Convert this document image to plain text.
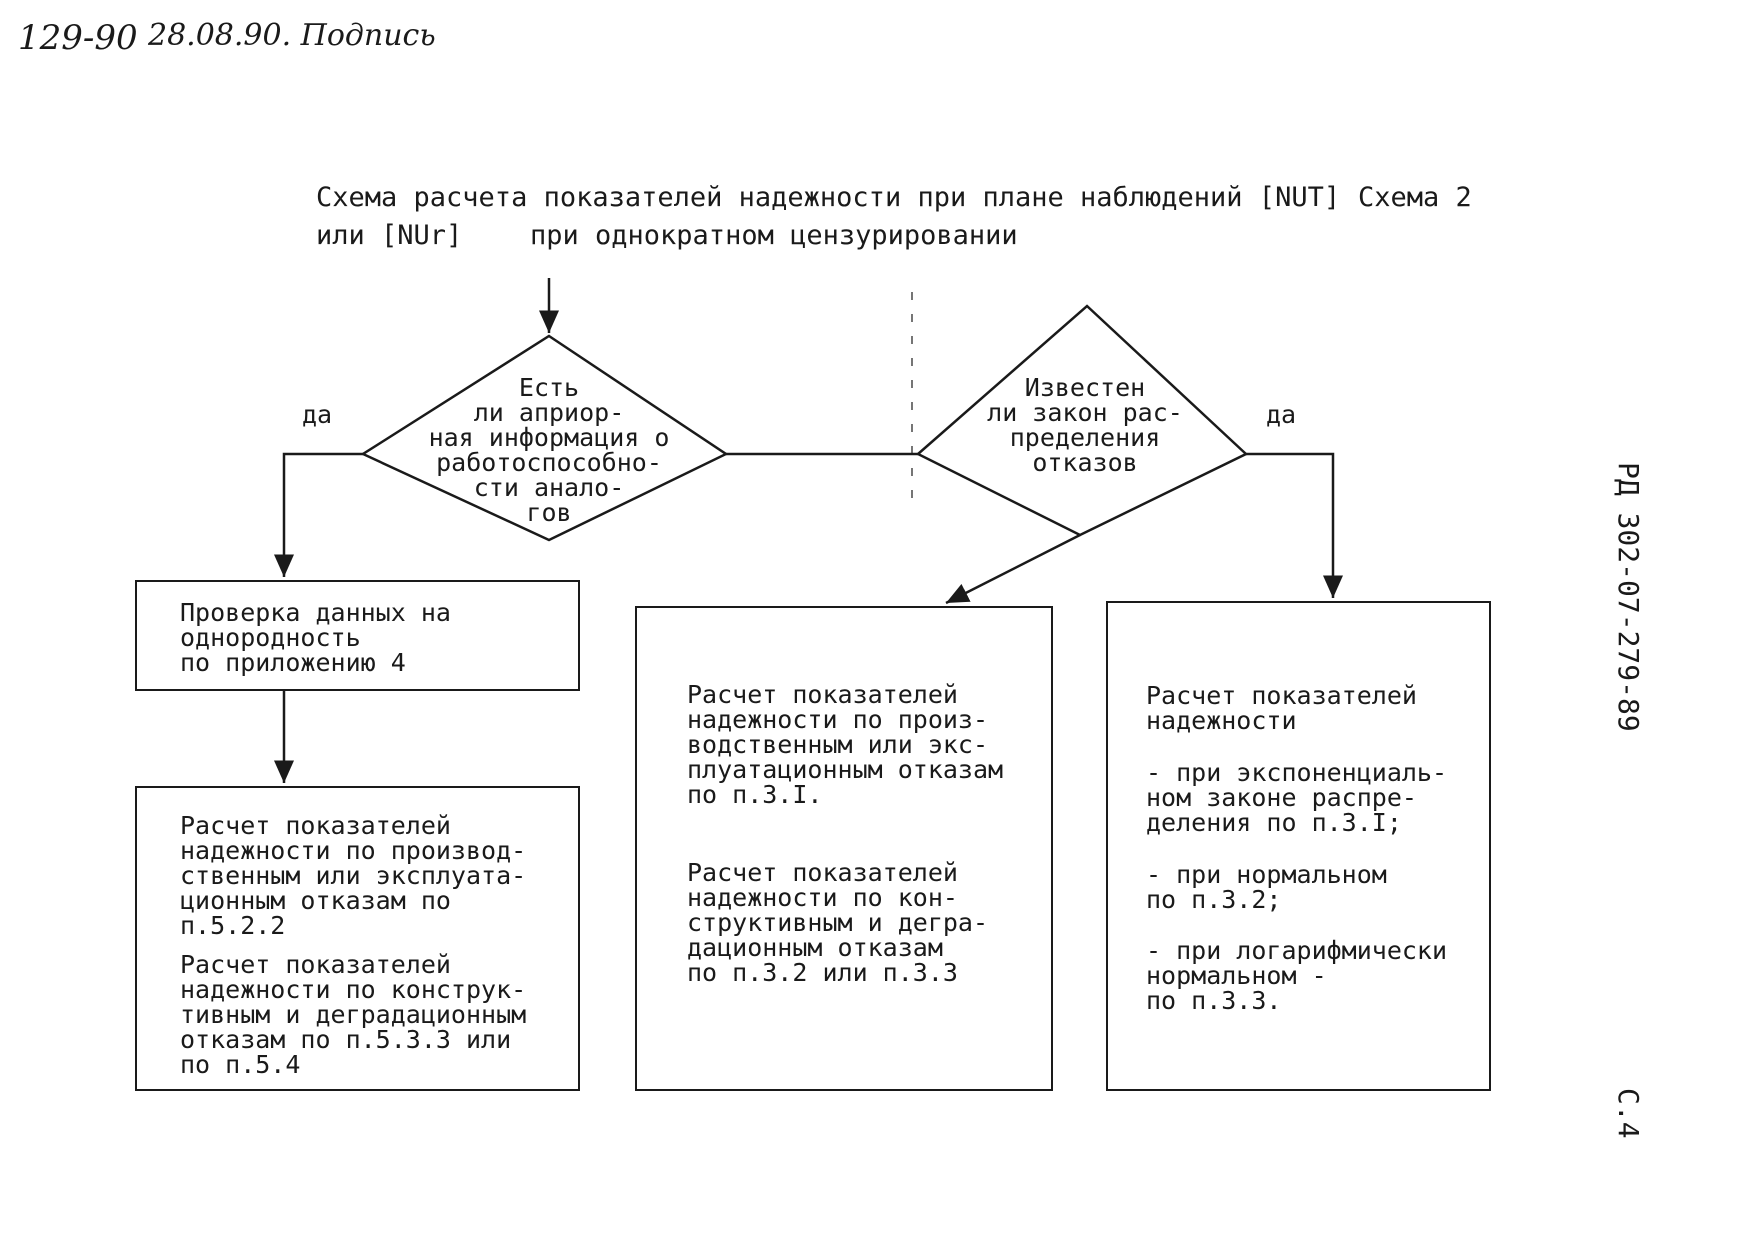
129-90 28.08.90. Подпись
Схема расчета показателей надежности при плане наблюдений [NUT] Схема 2
или [NUr]	при однократном цензурировании
Есть
ли априор-
ная информация о
работоспособно-
сти анало-
гов
да
Известен
ли закон рас-
пределения
отказов
да
Проверка данных на
однородность
по приложению 4
Расчет показателей
надежности по производ-
ственным или эксплуата-
ционным отказам по
п.5.2.2
Расчет показателей
надежности по конструк-
тивным и деградационным
отказам по п.5.3.3 или
по п.5.4
Расчет показателей
надежности по произ-
водственным или экс-
плуатационным отказам
по п.3.I.
Расчет показателей
надежности по кон-
структивным и дегра-
дационным отказам
по п.3.2 или п.3.3
Расчет показателей
надежности
- при экспоненциаль-
ном законе распре-
деления по п.3.I;
- при нормальном
по п.3.2;
- при логарифмически
нормальном -
по п.3.3.
РД 302-07-279-89
С.4
